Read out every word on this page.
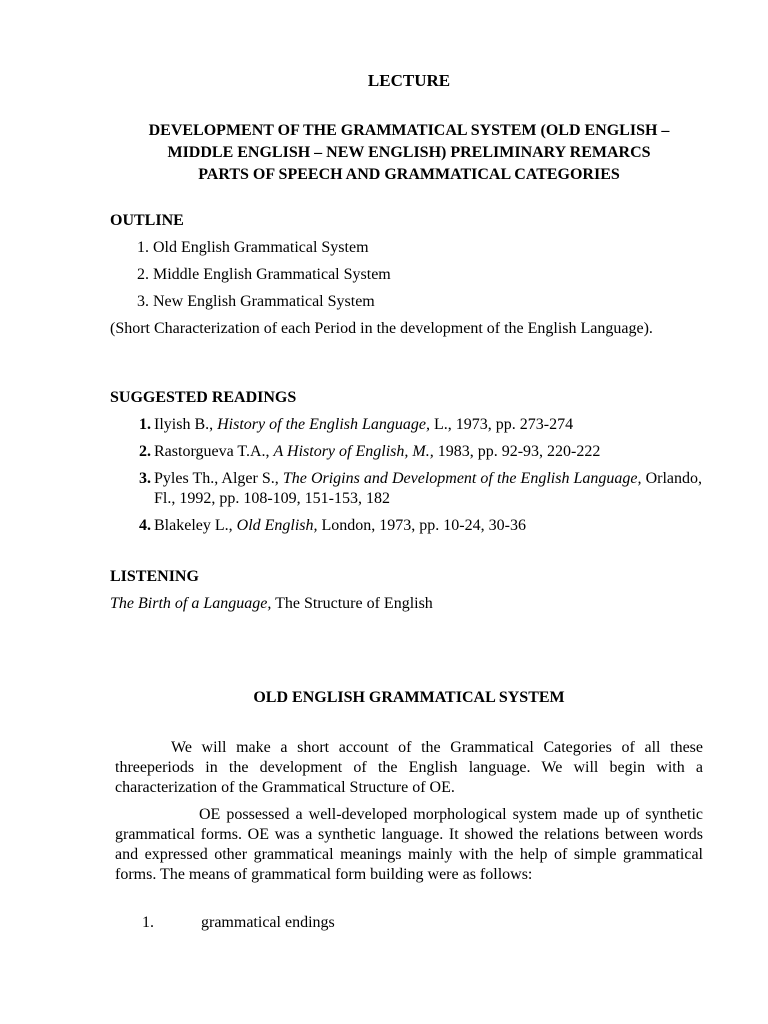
LECTURE
DEVELOPMENT OF THE GRAMMATICAL SYSTEM (OLD ENGLISH –
MIDDLE ENGLISH – NEW ENGLISH) PRELIMINARY REMARCS
PARTS OF SPEECH AND GRAMMATICAL CATEGORIES
OUTLINE
1. Old English Grammatical System
2. Middle English Grammatical System
3. New English Grammatical System
(Short Characterization of each Period in the development of the English Language).
SUGGESTED READINGS
1. Ilyish B., History of the English Language, L., 1973, pp. 273-274
2. Rastorgueva T.A., A History of English, M., 1983, pp. 92-93, 220-222
3. Pyles Th., Alger S., The Origins and Development of the English Language, Orlando, Fl., 1992, pp. 108-109, 151-153, 182
4. Blakeley L., Old English, London, 1973, pp. 10-24, 30-36
LISTENING
The Birth of a Language, The Structure of English
OLD ENGLISH GRAMMATICAL SYSTEM
We will make a short account of the Grammatical Categories of all these threeperiods in the development of the English language. We will begin with a characterization of the Grammatical Structure of OE.
OE possessed a well-developed morphological system made up of synthetic grammatical forms. OE was a synthetic language. It showed the relations between words and expressed other grammatical meanings mainly with the help of simple grammatical forms. The means of grammatical form building were as follows:
1.	grammatical endings
